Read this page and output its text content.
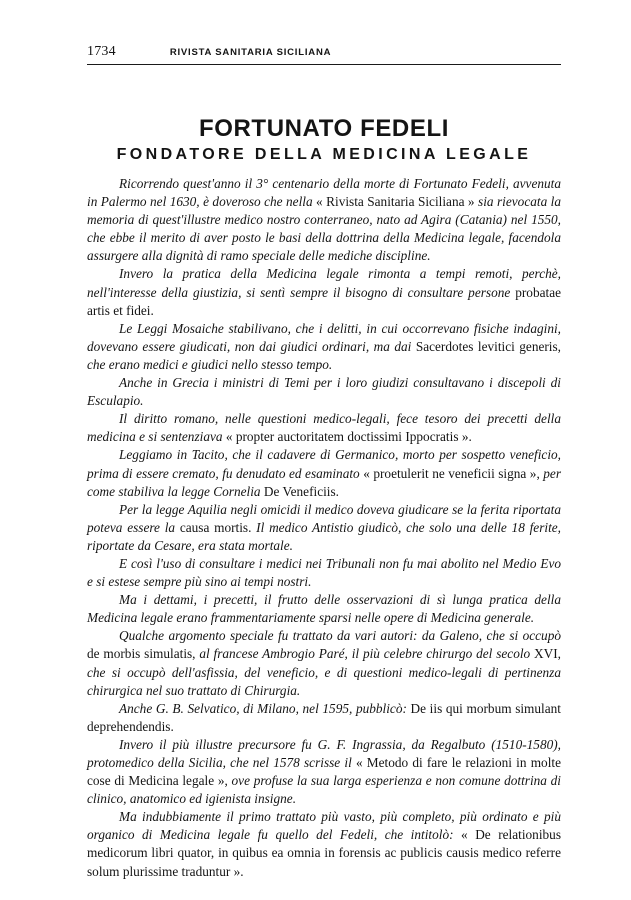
1734	RIVISTA SANITARIA SICILIANA
FORTUNATO FEDELI
FONDATORE DELLA MEDICINA LEGALE

Ricorrendo quest'anno il 3° centenario della morte di Fortunato Fedeli, avvenuta in Palermo nel 1630, è doveroso che nella « Rivista Sanitaria Siciliana » sia rievocata la memoria di quest'illustre medico nostro conterraneo, nato ad Agira (Catania) nel 1550, che ebbe il merito di aver posto le basi della dottrina della Medicina legale, facendola assurgere alla dignità di ramo speciale delle mediche discipline.

Invero la pratica della Medicina legale rimonta a tempi remoti, perchè, nell'interesse della giustizia, si sentì sempre il bisogno di consultare persone probatae artis et fidei.

Le Leggi Mosaiche stabilivano, che i delitti, in cui occorrevano fisiche indagini, dovevano essere giudicati, non dai giudici ordinari, ma dai Sacerdotes levitici generis, che erano medici e giudici nello stesso tempo.

Anche in Grecia i ministri di Temi per i loro giudizi consultavano i discepoli di Esculapio.

Il diritto romano, nelle questioni medico-legali, fece tesoro dei precetti della medicina e si sentenziava « propter auctoritatem doctissimi Ippocratis ».

Leggiamo in Tacito, che il cadavere di Germanico, morto per sospetto veneficio, prima di essere cremato, fu denudato ed esaminato « proetulerit ne veneficii signa », per come stabiliva la legge Cornelia De Veneficiis.

Per la legge Aquilia negli omicidi il medico doveva giudicare se la ferita riportata poteva essere la causa mortis. Il medico Antistio giudicò, che solo una delle 18 ferite, riportate da Cesare, era stata mortale.

E così l'uso di consultare i medici nei Tribunali non fu mai abolito nel Medio Evo e si estese sempre più sino ai tempi nostri.

Ma i dettami, i precetti, il frutto delle osservazioni di sì lunga pratica della Medicina legale erano frammentariamente sparsi nelle opere di Medicina generale.

Qualche argomento speciale fu trattato da vari autori: da Galeno, che si occupò de morbis simulatis, al francese Ambrogio Paré, il più celebre chirurgo del secolo XVI, che si occupò dell'asfissia, del veneficio, e di questioni medico-legali di pertinenza chirurgica nel suo trattato di Chirurgia.

Anche G. B. Selvatico, di Milano, nel 1595, pubblicò: De iis qui morbum simulant deprehendendis.

Invero il più illustre precursore fu G. F. Ingrassia, da Regalbuto (1510-1580), protomedico della Sicilia, che nel 1578 scrisse il « Metodo di fare le relazioni in molte cose di Medicina legale », ove profuse la sua larga esperienza e non comune dottrina di clinico, anatomico ed igienista insigne.

Ma indubbiamente il primo trattato più vasto, più completo, più ordinato e più organico di Medicina legale fu quello del Fedeli, che intitolò: « De relationibus medicorum libri quator, in quibus ea omnia in forensis ac publicis causis medico referre solum plurissime traduntur ».
